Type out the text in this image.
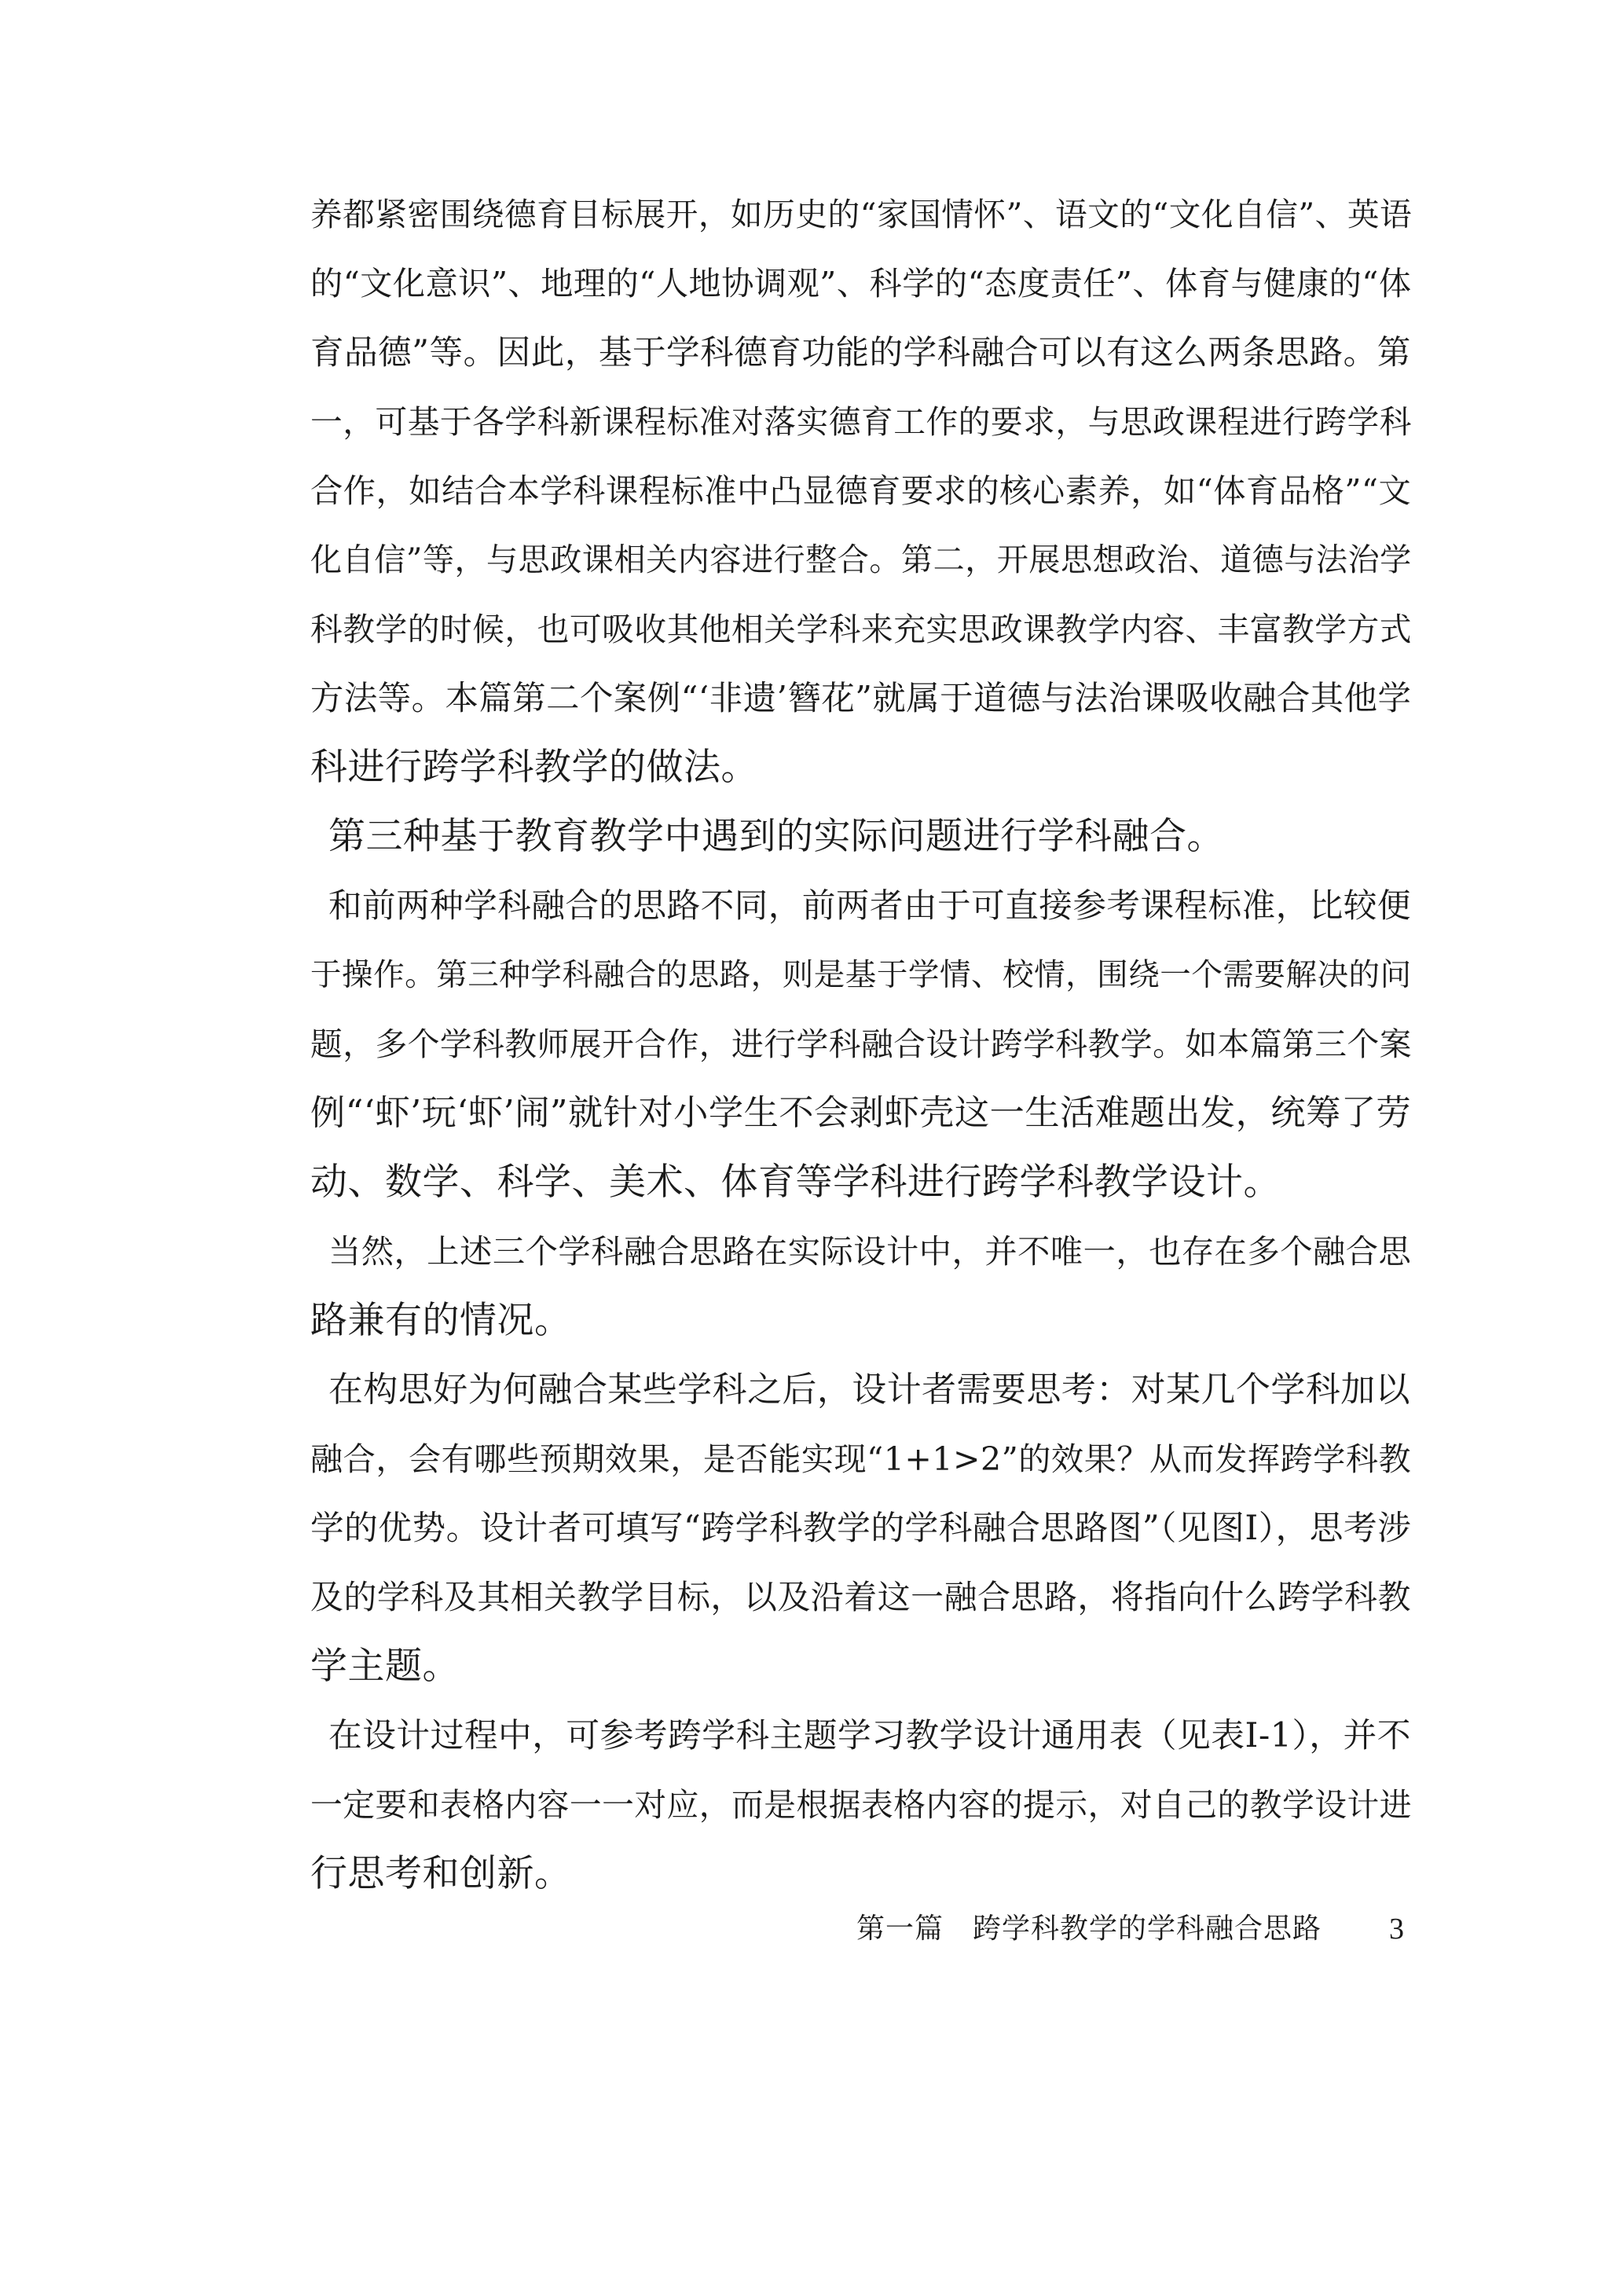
养都紧密围绕德育目标展开，如历史的“家国情怀”、语文的“文化自信”、英语
的“文化意识”、地理的“人地协调观”、科学的“态度责任”、体育与健康的“体
育品德”等。因此，基于学科德育功能的学科融合可以有这么两条思路。第
一，可基于各学科新课程标准对落实德育工作的要求，与思政课程进行跨学科
合作，如结合本学科课程标准中凸显德育要求的核心素养，如“体育品格”“文
化自信”等，与思政课相关内容进行整合。第二，开展思想政治、道德与法治学
科教学的时候，也可吸收其他相关学科来充实思政课教学内容、丰富教学方式
方法等。本篇第二个案例“‘非遗’簪花”就属于道德与法治课吸收融合其他学
科进行跨学科教学的做法。
第三种基于教育教学中遇到的实际问题进行学科融合。
和前两种学科融合的思路不同，前两者由于可直接参考课程标准，比较便
于操作。第三种学科融合的思路，则是基于学情、校情，围绕一个需要解决的问
题，多个学科教师展开合作，进行学科融合设计跨学科教学。如本篇第三个案
例“‘虾’玩‘虾’闹”就针对小学生不会剥虾壳这一生活难题出发，统筹了劳
动、数学、科学、美术、体育等学科进行跨学科教学设计。
当然，上述三个学科融合思路在实际设计中，并不唯一，也存在多个融合思
路兼有的情况。
在构思好为何融合某些学科之后，设计者需要思考：对某几个学科加以
融合，会有哪些预期效果，是否能实现“1+1>2”的效果？从而发挥跨学科教
学的优势。设计者可填写“跨学科教学的学科融合思路图”（见图Ⅰ），思考涉
及的学科及其相关教学目标，以及沿着这一融合思路，将指向什么跨学科教
学主题。
在设计过程中，可参考跨学科主题学习教学设计通用表（见表Ⅰ-1），并不
一定要和表格内容一一对应，而是根据表格内容的提示，对自己的教学设计进
行思考和创新。
第一篇　跨学科教学的学科融合思路 3
